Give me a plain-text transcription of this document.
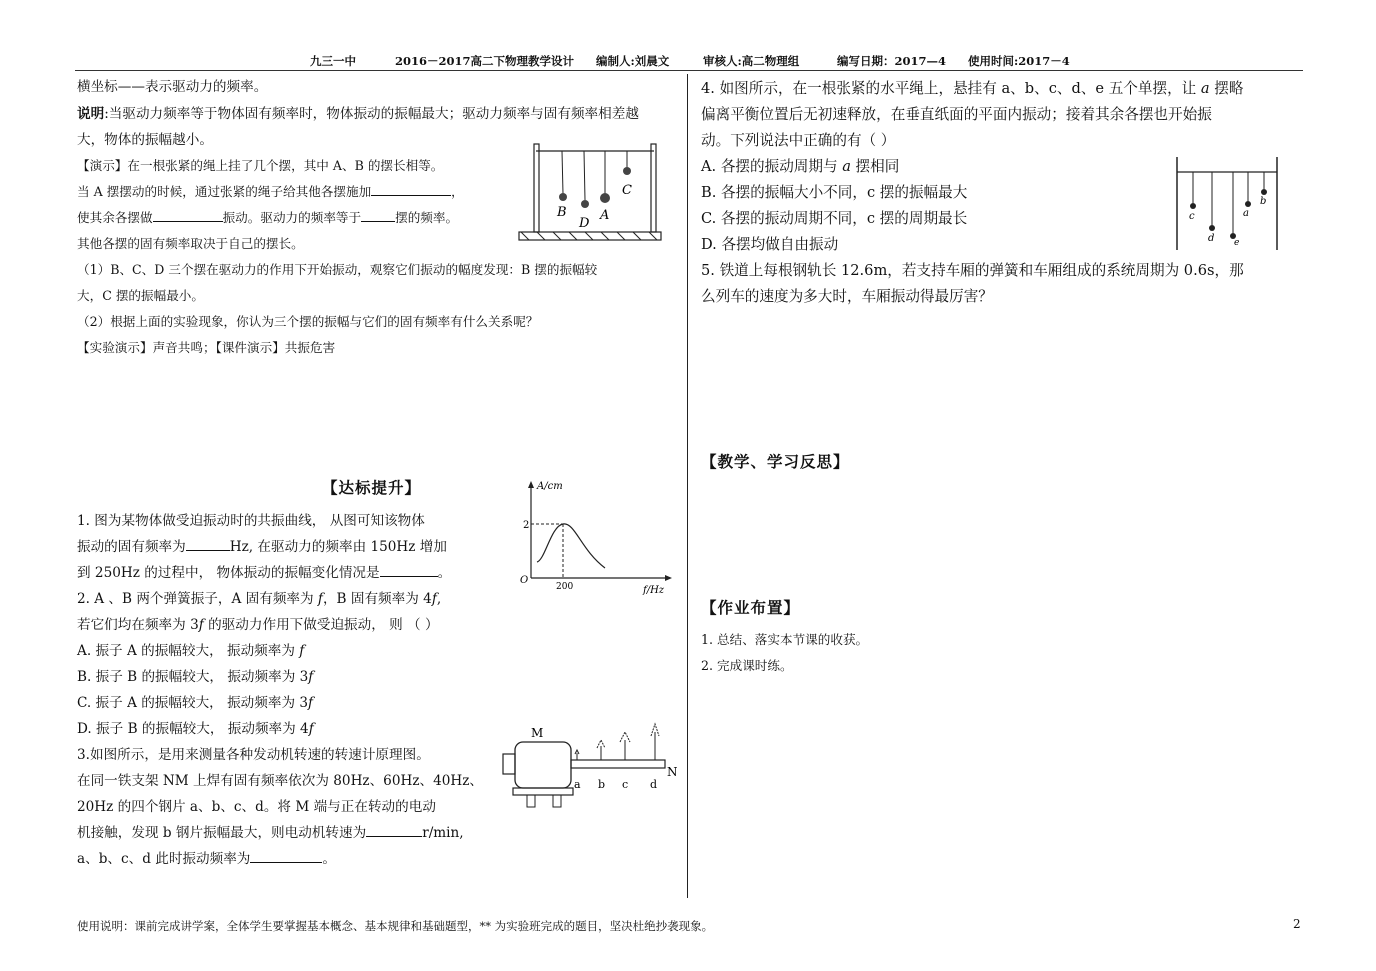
九三一中	2016－2017高二下物理教学设计 编制人:刘晨文	审核人:高二物理组	编写日期：2017—4 使用时间:2017－4
横坐标——表示驱动力的频率。
说明:当驱动力频率等于物体固有频率时，物体振动的振幅最大；驱动力频率与固有频率相差越
大，物体的振幅越小。
【演示】在一根张紧的绳上挂了几个摆，其中 A、B 的摆长相等。
当 A 摆摆动的时候，通过张紧的绳子给其他各摆施加	，
使其余各摆做	振动。驱动力的频率等于	摆的频率。
其他各摆的固有频率取决于自己的摆长。
（1）B、C、D 三个摆在驱动力的作用下开始振动，观察它们振动的幅度发现：B 摆的振幅较
大，C 摆的振幅最小。
（2）根据上面的实验现象，你认为三个摆的振幅与它们的固有频率有什么关系呢？
【实验演示】声音共鸣；【课件演示】共振危害
B
D
A
C
【达标提升】	A/cm
2
200
O
f/Hz
1. 图为某物体做受迫振动时的共振曲线， 从图可知该物体
振动的固有频率为	Hz, 在驱动力的频率由 150Hz 增加
到 250Hz 的过程中， 物体振动的振幅变化情况是	。
2. A 、B 两个弹簧振子，A 固有频率为 f，B 固有频率为 4f,
若它们均在频率为 3f 的驱动力作用下做受迫振动， 则 （ ）
A. 振子 A 的振幅较大， 振动频率为 f
B. 振子 B 的振幅较大， 振动频率为 3f
C. 振子 A 的振幅较大， 振动频率为 3f
D. 振子 B 的振幅较大， 振动频率为 4f	M
N
a b c d
3.如图所示，是用来测量各种发动机转速的转速计原理图。
在同一铁支架 NM 上焊有固有频率依次为 80Hz、60Hz、40Hz、
20Hz 的四个钢片 a、b、c、d。将 M 端与正在转动的电动
机接触，发现 b 钢片振幅最大，则电动机转速为	r/min,
a、b、c、d 此时振动频率为	。
4. 如图所示，在一根张紧的水平绳上，悬挂有 a、b、c、d、e 五个单摆，让 a 摆略
偏离平衡位置后无初速释放，在垂直纸面的平面内振动；接着其余各摆也开始振
动。下列说法中正确的有（ ）
A. 各摆的振动周期与 a 摆相同
B. 各摆的振幅大小不同，c 摆的振幅最大
C. 各摆的振动周期不同，c 摆的周期最长
D. 各摆均做自由振动
c
d
a
e
b
5. 铁道上每根钢轨长 12.6m，若支持车厢的弹簧和车厢组成的系统周期为 0.6s，那
么列车的速度为多大时，车厢振动得最厉害？
【教学、学习反思】
【作业布置】
1. 总结、落实本节课的收获。
2. 完成课时练。
使用说明：课前完成讲学案，全体学生要掌握基本概念、基本规律和基础题型，** 为实验班完成的题目，坚决杜绝抄袭现象。	2
